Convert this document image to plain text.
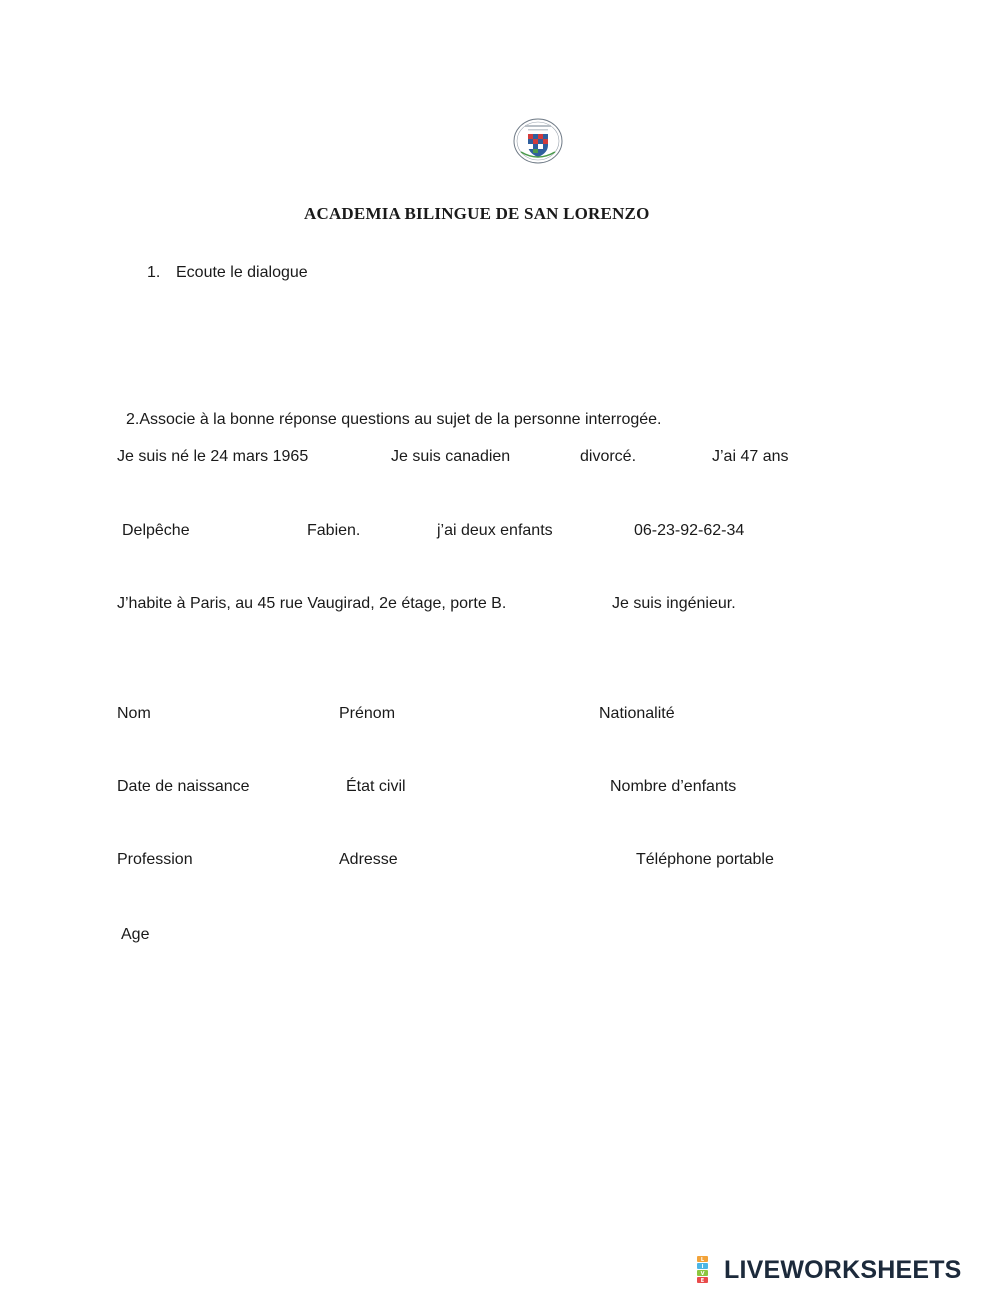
ACADEMIA BILINGUE DE SAN LORENZO
1. Ecoute le dialogue
2.Associe à la bonne réponse questions au sujet de la personne interrogée.
Je suis né le 24 mars 1965	Je suis canadien	divorcé.	J’ai 47 ans
Delpêche	Fabien.	j’ai deux enfants	06-23-92-62-34
J’habite à Paris, au 45 rue Vaugirad, 2e étage, porte B.	Je suis ingénieur.
Nom	Prénom	Nationalité
Date de naissance	État civil	Nombre d’enfants
Profession	Adresse	Téléphone portable
Age
L
I
V
E LIVEWORKSHEETS
